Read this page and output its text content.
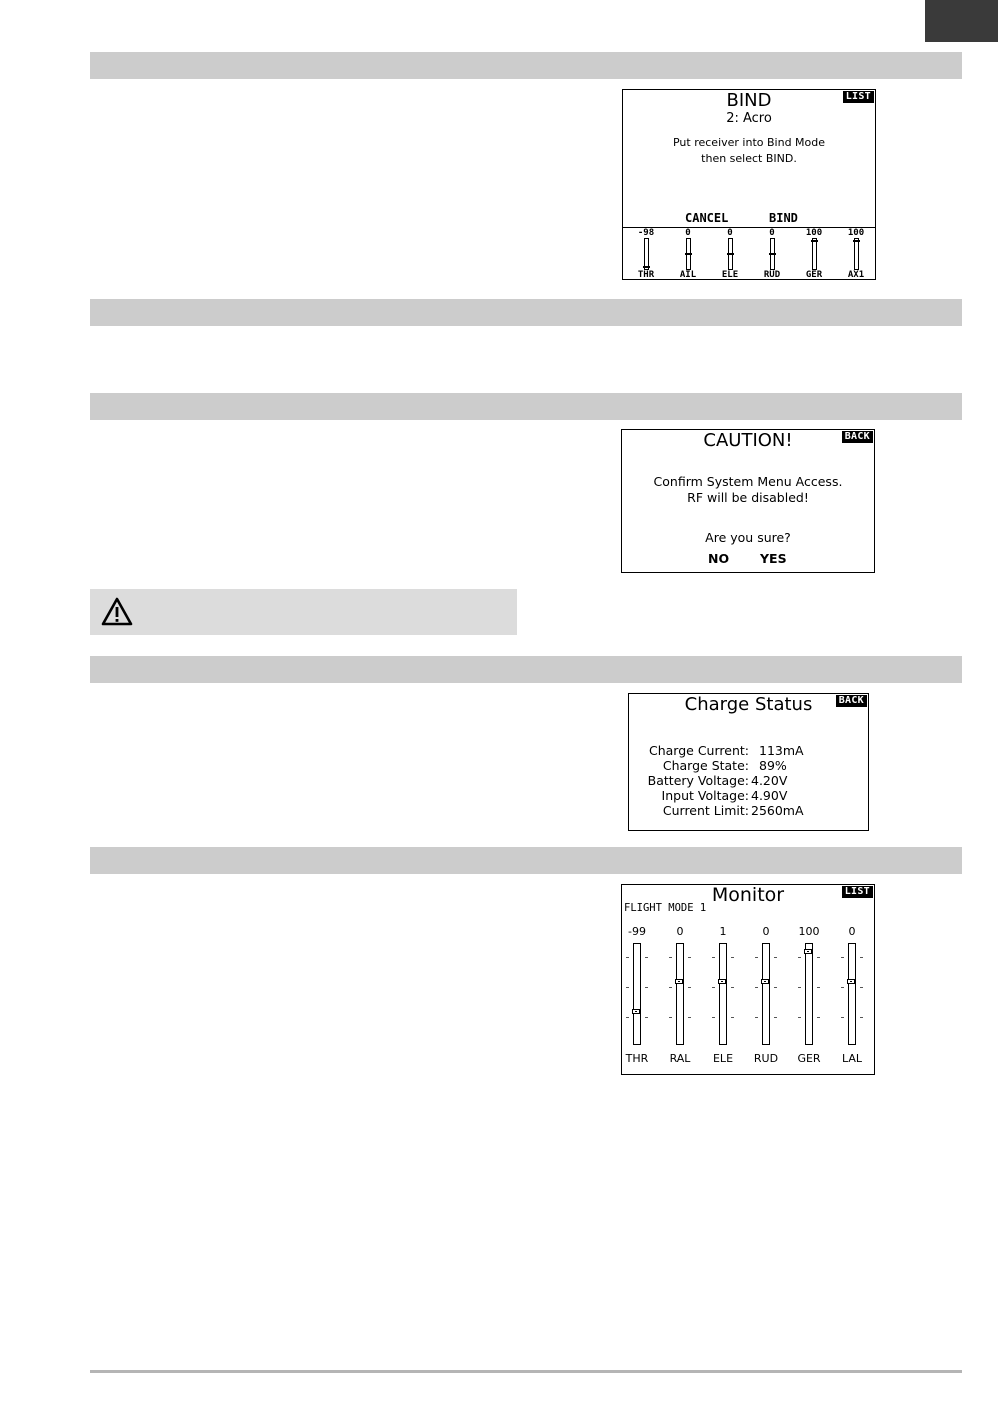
BIND
2: Acro
LIST
Put receiver into Bind Mode
then select BIND.
CANCEL	BIND
-98
THR
0
AIL
0
ELE
0
RUD
100
GER
100
AX1
CAUTION!	BACK
Confirm System Menu Access.
RF will be disabled!
Are you sure?
NO YES
Charge Status	BACK
Charge Current: 113mA
Charge State: 89%
Battery Voltage: 4.20V
Input Voltage: 4.90V
Current Limit: 2560mA
Monitor	LIST
FLIGHT MODE 1
-99
THR
0
RAL
1
ELE
0
RUD
100
GER
0
LAL
